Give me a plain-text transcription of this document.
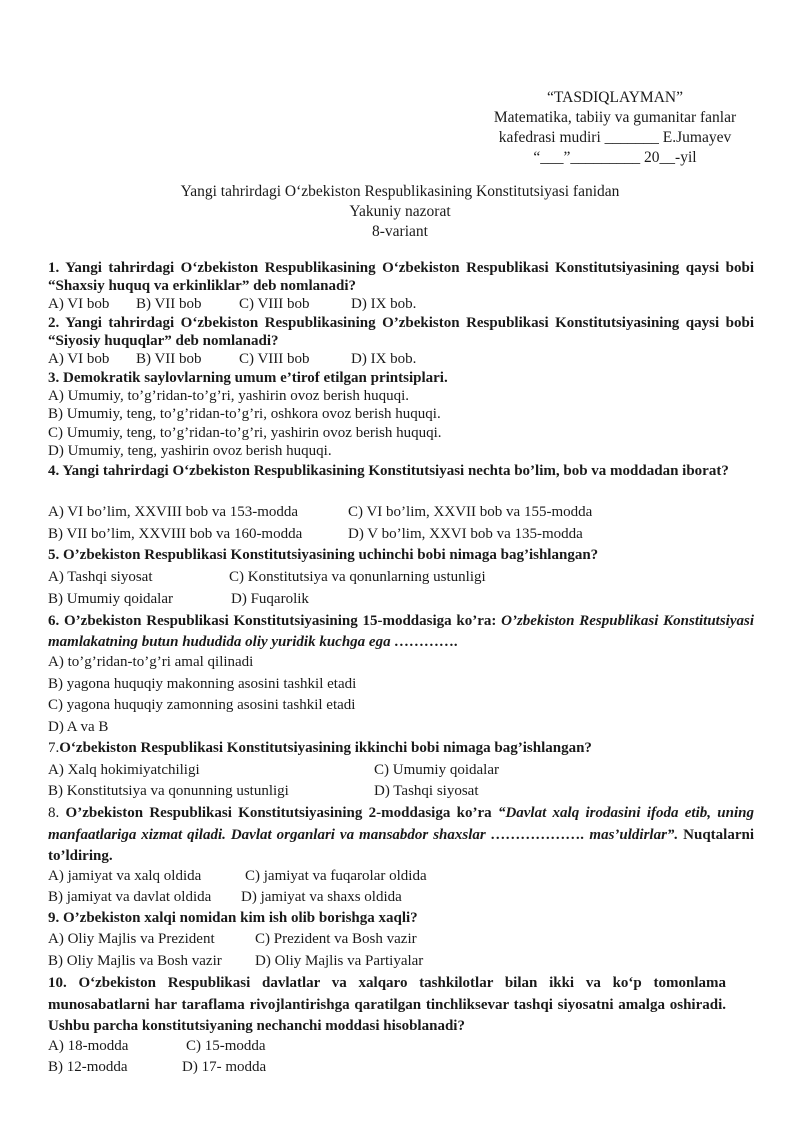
“TASDIQLAYMAN”
Matematika, tabiiy va gumanitar fanlar
kafedrasi mudiri _______ E.Jumayev
“___”_________ 20__-yil
Yangi tahrirdagi O‘zbekiston Respublikasining Konstitutsiyasi fanidan
Yakuniy nazorat
8-variant
1. Yangi tahrirdagi O‘zbekiston Respublikasining O‘zbekiston Respublikasi Konstitutsiyasining qaysi bobi “Shaxsiy huquq va erkinliklar” deb nomlanadi?
A) VI bob B) VII bob C) VIII bob	D) IX bob.
2. Yangi tahrirdagi O‘zbekiston Respublikasining O’zbekiston Respublikasi Konstitutsiyasining qaysi bobi “Siyosiy huquqlar” deb nomlanadi?
A) VI bob B) VII bob C) VIII bob	D) IX bob.
3. Demokratik saylovlarning umum e’tirof etilgan printsiplari.
A) Umumiy, to’g’ridan-to’g’ri, yashirin ovoz berish huquqi.
B) Umumiy, teng, to’g’ridan-to’g’ri, oshkora ovoz berish huquqi.
C) Umumiy, teng, to’g’ridan-to’g’ri, yashirin ovoz berish huquqi.
D) Umumiy, teng, yashirin ovoz berish huquqi.
4. Yangi tahrirdagi O‘zbekiston Respublikasining Konstitutsiyasi nechta bo’lim, bob va moddadan iborat?
A) VI bo’lim, XXVIII bob va 153-modda	C) VI bo’lim, XXVII bob va 155-modda
B) VII bo’lim, XXVIII bob va 160-modda	D) V bo’lim, XXVI bob va 135-modda
5. O’zbekiston Respublikasi Konstitutsiyasining uchinchi bobi nimaga bag’ishlangan?
A) Tashqi siyosat	C) Konstitutsiya va qonunlarning ustunligi
B) Umumiy qoidalar	D) Fuqarolik
6. O’zbekiston Respublikasi Konstitutsiyasining 15-moddasiga ko’ra: O’zbekiston Respublikasi Konstitutsiyasi mamlakatning butun hududida oliy yuridik kuchga ega ………….
A) to’g’ridan-to’g’ri amal qilinadi
B) yagona huquqiy makonning asosini tashkil etadi
C) yagona huquqiy zamonning asosini tashkil etadi
D) A va B
7.O‘zbekiston Respublikasi Konstitutsiyasining ikkinchi bobi nimaga bag’ishlangan?
A) Xalq hokimiyatchiligi	C) Umumiy qoidalar
B) Konstitutsiya va qonunning ustunligi	D) Tashqi siyosat
8. O’zbekiston Respublikasi Konstitutsiyasining 2-moddasiga ko’ra “Davlat xalq irodasini ifoda etib, uning manfaatlariga xizmat qiladi. Davlat organlari va mansabdor shaxslar ………………. mas’uldirlar”. Nuqtalarni to’ldiring.
A) jamiyat va xalq oldida	C) jamiyat va fuqarolar oldida
B) jamiyat va davlat oldida D) jamiyat va shaxs oldida
9. O’zbekiston xalqi nomidan kim ish olib borishga xaqli?
A) Oliy Majlis va Prezident	C) Prezident va Bosh vazir
B) Oliy Majlis va Bosh vazir D) Oliy Majlis va Partiyalar
10. O‘zbekiston Respublikasi davlatlar va xalqaro tashkilotlar bilan ikki va ko‘p tomonlama munosabatlarni har taraflama rivojlantirishga qaratilgan tinchliksevar tashqi siyosatni amalga oshiradi. Ushbu parcha konstitutsiyaning nechanchi moddasi hisoblanadi?
A) 18-modda	C) 15-modda
B) 12-modda	D) 17- modda
